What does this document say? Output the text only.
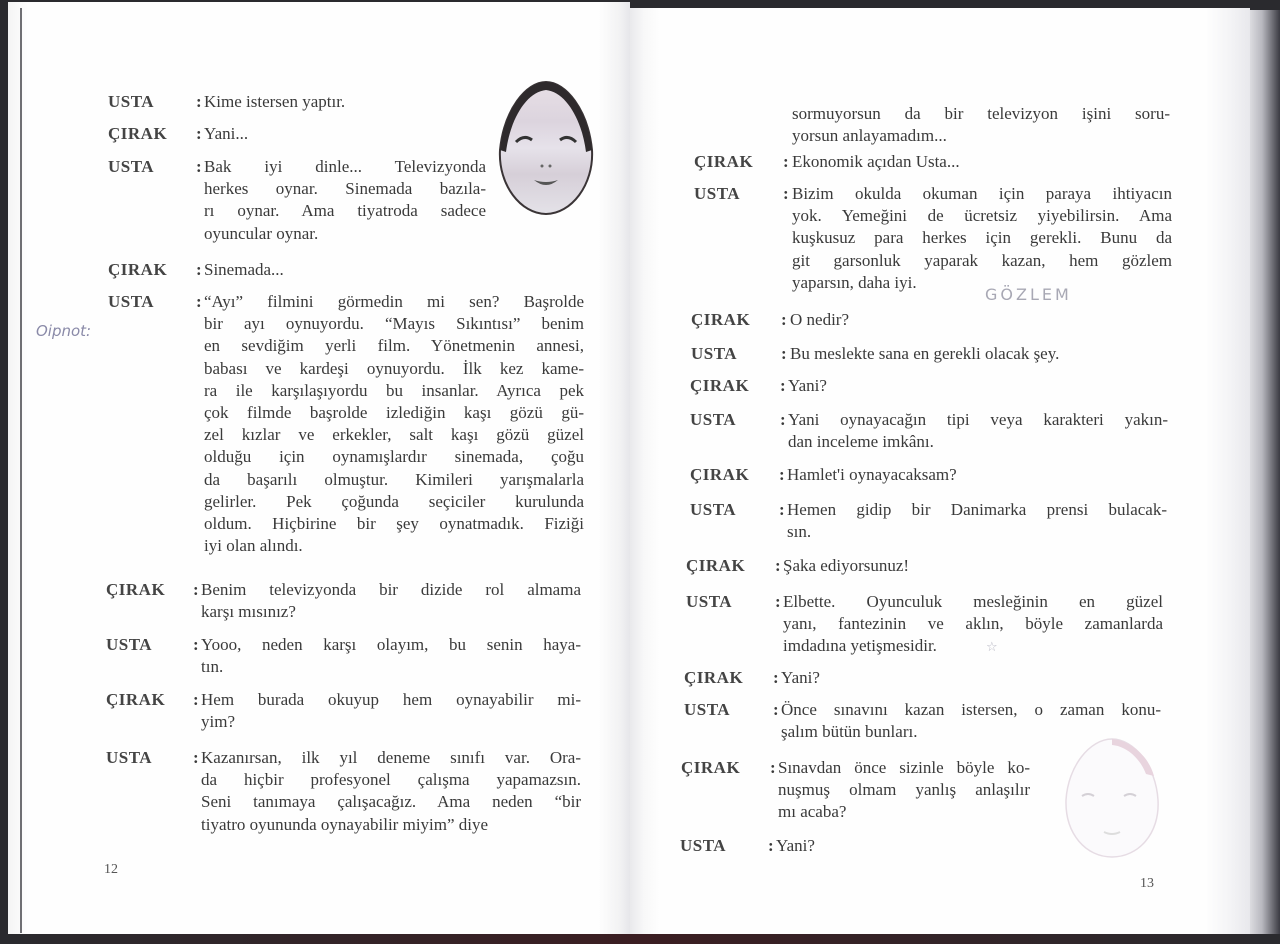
Oipnot:
GÖZLEM
☆
USTA : Kime istersen yaptır.
ÇIRAK : Yani...
USTA : Bak iyi dinle... Televizyonda
herkes oynar. Sinemada bazıla-
rı oynar. Ama tiyatroda sadece
oyuncular oynar.
ÇIRAK : Sinemada...
USTA : “Ayı” filmini görmedin mi sen? Başrolde
bir ayı oynuyordu. “Mayıs Sıkıntısı” benim
en sevdiğim yerli film. Yönetmenin annesi,
babası ve kardeşi oynuyordu. İlk kez kame-
ra ile karşılaşıyordu bu insanlar. Ayrıca pek
çok filmde başrolde izlediğin kaşı gözü gü-
zel kızlar ve erkekler, salt kaşı gözü güzel
olduğu için oynamışlardır sinemada, çoğu
da başarılı olmuştur. Kimileri yarışmalarla
gelirler. Pek çoğunda seçiciler kurulunda
oldum. Hiçbirine bir şey oynatmadık. Fiziği
iyi olan alındı.
ÇIRAK : Benim televizyonda bir dizide rol almama
karşı mısınız?
USTA : Yooo, neden karşı olayım, bu senin haya-
tın.
ÇIRAK : Hem burada okuyup hem oynayabilir mi-
yim?
USTA : Kazanırsan, ilk yıl deneme sınıfı var. Ora-
da hiçbir profesyonel çalışma yapamazsın.
Seni tanımaya çalışacağız. Ama neden “bir
tiyatro oyununda oynayabilir miyim” diye
sormuyorsun da bir televizyon işini soru-
yorsun anlayamadım...
ÇIRAK : Ekonomik açıdan Usta...
USTA	: Bizim okulda okuman için paraya ihtiyacın
yok. Yemeğini de ücretsiz yiyebilirsin. Ama
kuşkusuz para herkes için gerekli. Bunu da
git garsonluk yaparak kazan, hem gözlem
yaparsın, daha iyi.
ÇIRAK : O nedir?
USTA	: Bu meslekte sana en gerekli olacak şey.
ÇIRAK : Yani?
USTA	: Yani oynayacağın tipi veya karakteri yakın-
dan inceleme imkânı.
ÇIRAK : Hamlet'i oynayacaksam?
USTA	: Hemen gidip bir Danimarka prensi bulacak-
sın.
ÇIRAK : Şaka ediyorsunuz!
USTA	: Elbette. Oyunculuk mesleğinin en güzel
yanı, fantezinin ve aklın, böyle zamanlarda
imdadına yetişmesidir.
ÇIRAK : Yani?
USTA	: Önce sınavını kazan istersen, o zaman konu-
şalım bütün bunları.
ÇIRAK : Sınavdan önce sizinle böyle ko-
nuşmuş olmam yanlış anlaşılır
mı acaba?
USTA : Yani?
12
13
